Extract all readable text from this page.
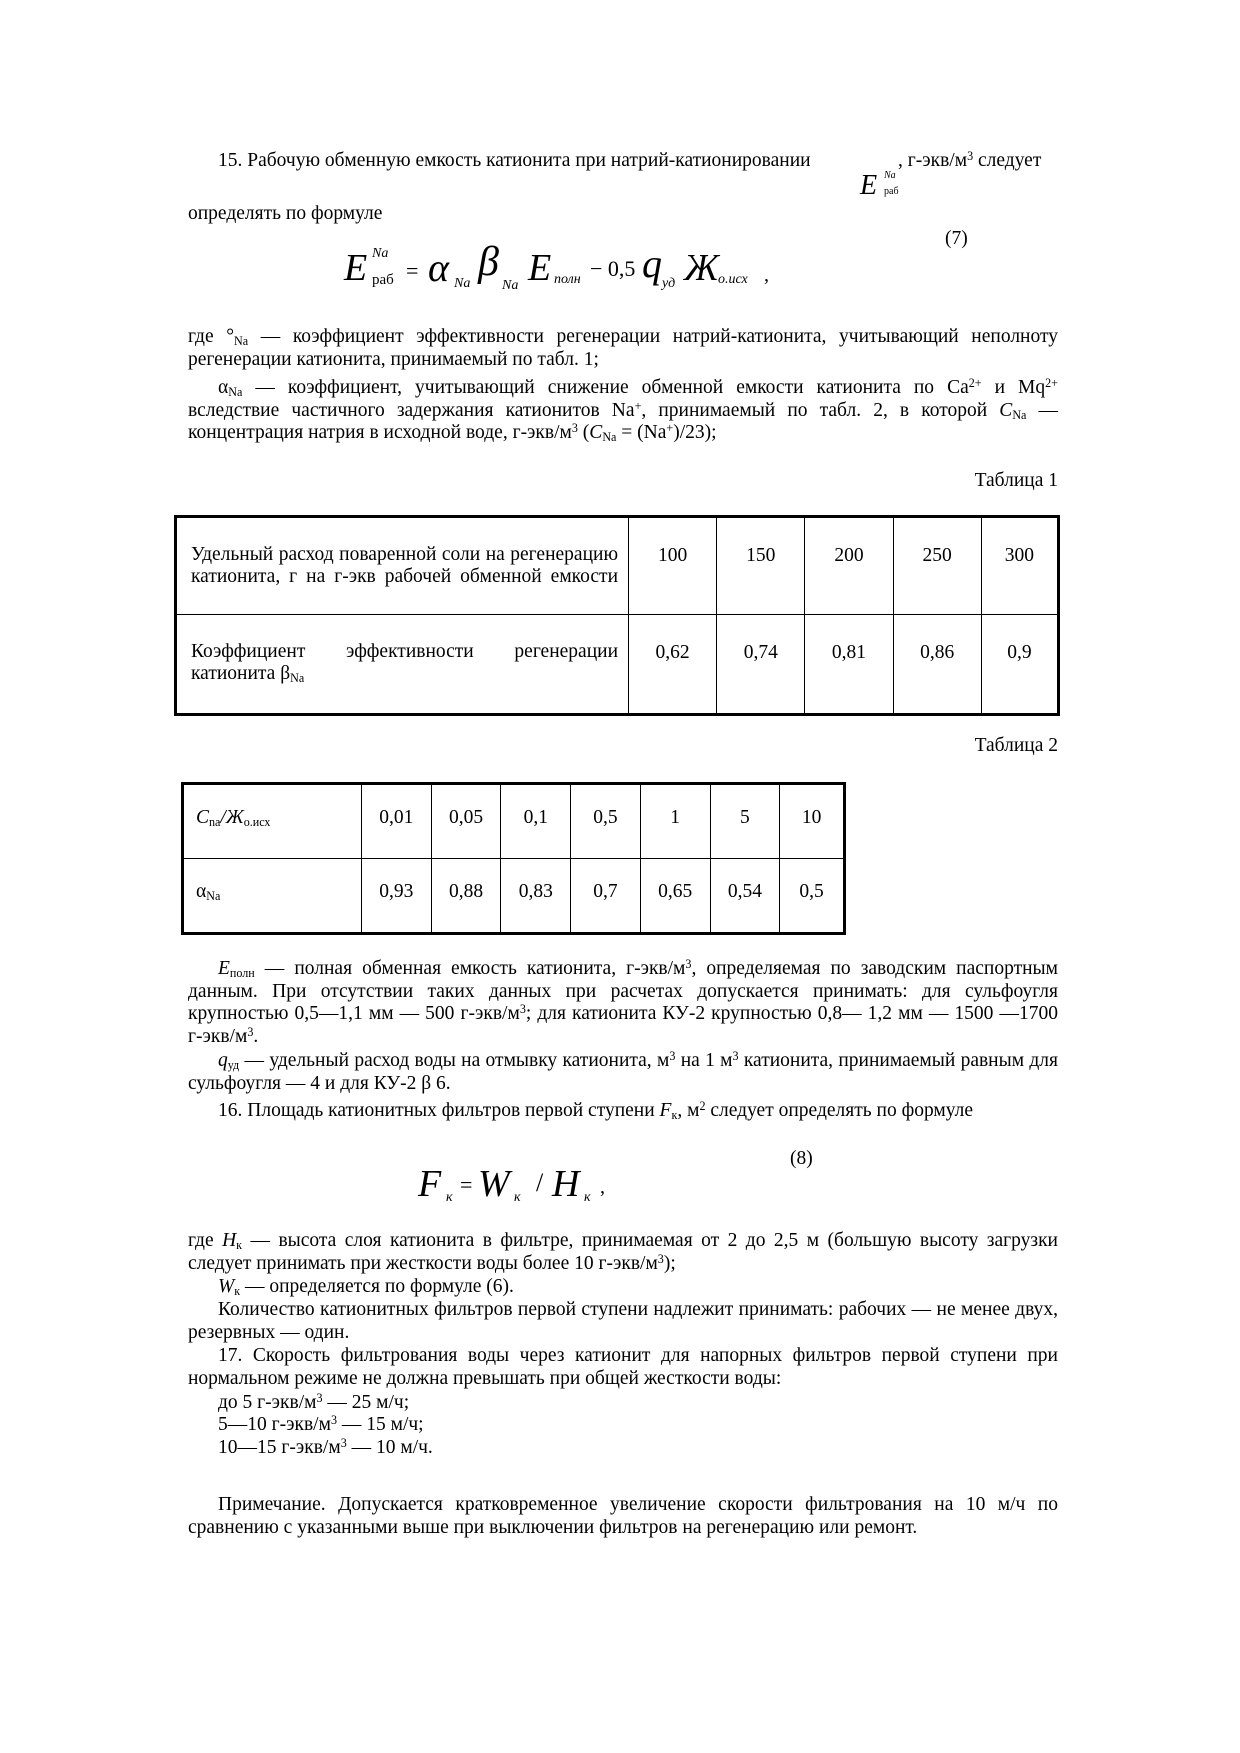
15. Рабочую обменную емкость катионита при натрий-катионировании	, $г-экв/м^3$ следует
E Na
раб
определять по формуле
(7)
E Na
раб = α Na β
Na E полн − 0,5 q уд Ж о.исх ,
где $^\circ_{Na}$ — коэффициент эффективности регенерации натрий-катионита, учитывающий неполноту регенерации катионита, принимаемый по табл. 1;
$\alpha_{Na}$ — коэффициент, учитывающий снижение обменной емкости катионита по $Ca^{2+}$ и $Mq^{2+}$ вследствие частичного задержания катионитов Na+, принимаемый по табл. 2, в которой $C_{Na}$ — концентрация натрия в исходной воде, $г-экв/м^3$ $(C_{Na} = (Na^+)/23)$;
Таблица 1
Удельный расход поваренной соли на регенерацию катионита, г на г-экв рабочей обменной емкости	100	150	200	250	300

Коэффициент эффективности регенерации
катионита $\beta_{Na}$	0,62	0,74	0,81	0,86	0,9
Таблица 2
$C_{na}/Ж_{о.исх}$	0,01	0,05	0,1	0,5	1	5	10
$\alpha_{Na}$	0,93	0,88	0,83	0,7	0,65	0,54	0,5
$E_{полн}$ — полная обменная емкость катионита, $г-экв/м^3$, определяемая по заводским паспортным данным. При отсутствии таких данных при расчетах допускается принимать: для сульфоугля крупностью 0,5—1,1 мм — 500 $г-экв/м^3$; для катионита КУ-2 крупностью 0,8— 1,2 мм — 1500 —1700 $г-экв/м^3$.
$q_{уд}$ — удельный расход воды на отмывку катионита, $м^3$ на 1 $м^3$ катионита, принимаемый равным для сульфоугля — 4 и для КУ-2 β 6.
16. Площадь катионитных фильтров первой ступени $F_к$, $м^2$ следует определять по формуле
(8)
F к
= W к
/ H к ,
где $H_к$ — высота слоя катионита в фильтре, принимаемая от 2 до 2,5 м (большую высоту загрузки следует принимать при жесткости воды более 10 $г-экв/м^3$);
$W_к$ — определяется по формуле (6).
Количество катионитных фильтров первой ступени надлежит принимать: рабочих — не менее двух, резервных — один.
17. Скорость фильтрования воды через катионит для напорных фильтров первой ступени при нормальном режиме не должна превышать при общей жесткости воды:
до 5 $г-экв/м^3$ — 25 м/ч;
5—10 $г-экв/м^3$ — 15 м/ч;
10—15 $г-экв/м^3$ — 10 м/ч.
Примечание. Допускается кратковременное увеличение скорости фильтрования на 10 м/ч по сравнению с указанными выше при выключении фильтров на регенерацию или ремонт.
